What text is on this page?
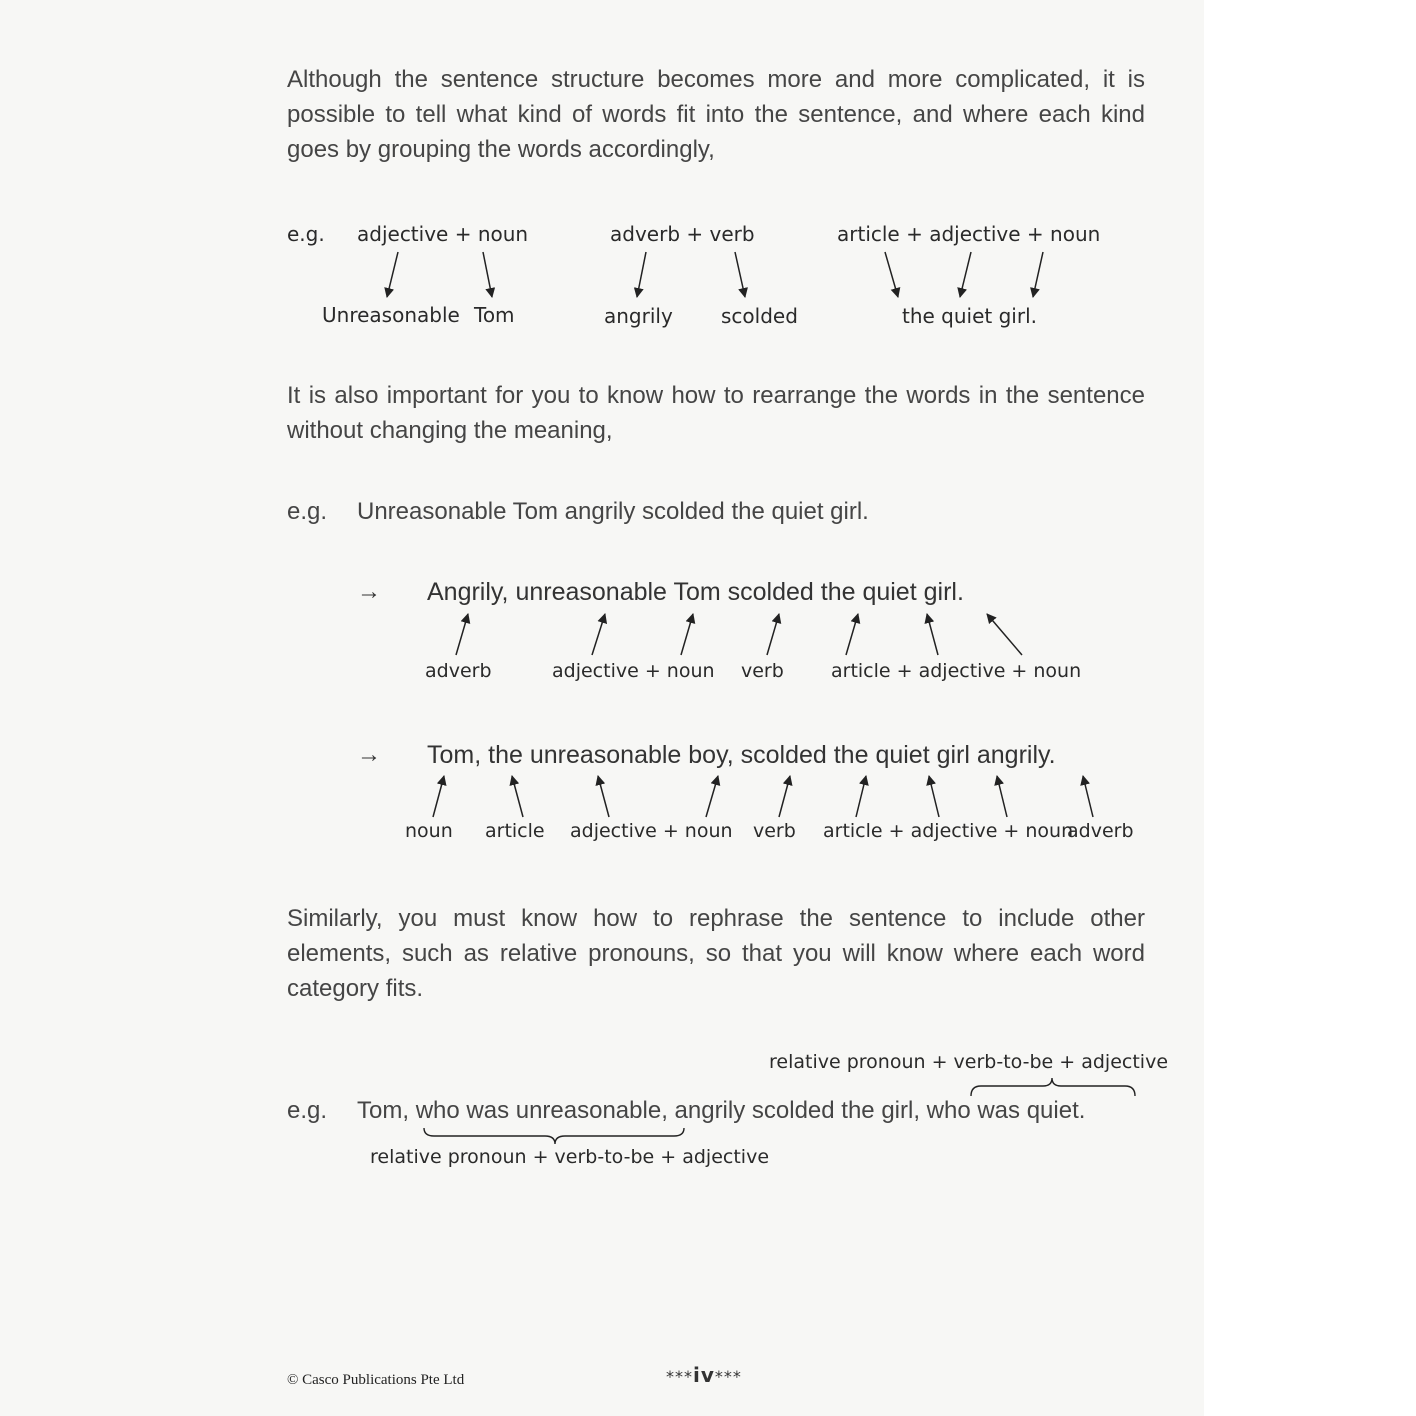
Although the sentence structure becomes more and more complicated, it is possible to tell what kind of words fit into the sentence, and where each kind goes by grouping the words accordingly,

e.g. adjective + noun	adverb + verb	article + adjective + noun
Unreasonable Tom	angrily scolded	the quiet girl.

It is also important for you to know how to rearrange the words in the sentence without changing the meaning,

e.g. Unreasonable Tom angrily scolded the quiet girl.
→ Angrily, unreasonable Tom scolded the quiet girl.
adverb	adjective + noun verb article + adjective + noun
→ Tom, the unreasonable boy, scolded the quiet girl angrily.
noun article adjective + noun verb article + adjective + noun
adverb

Similarly, you must know how to rephrase the sentence to include other elements, such as relative pronouns, so that you will know where each word category fits.

relative pronoun + verb-to-be + adjective
e.g. Tom, who was unreasonable, angrily scolded the girl, who was quiet.
relative pronoun + verb-to-be + adjective
© Casco Publications Pte Ltd	***iv***
